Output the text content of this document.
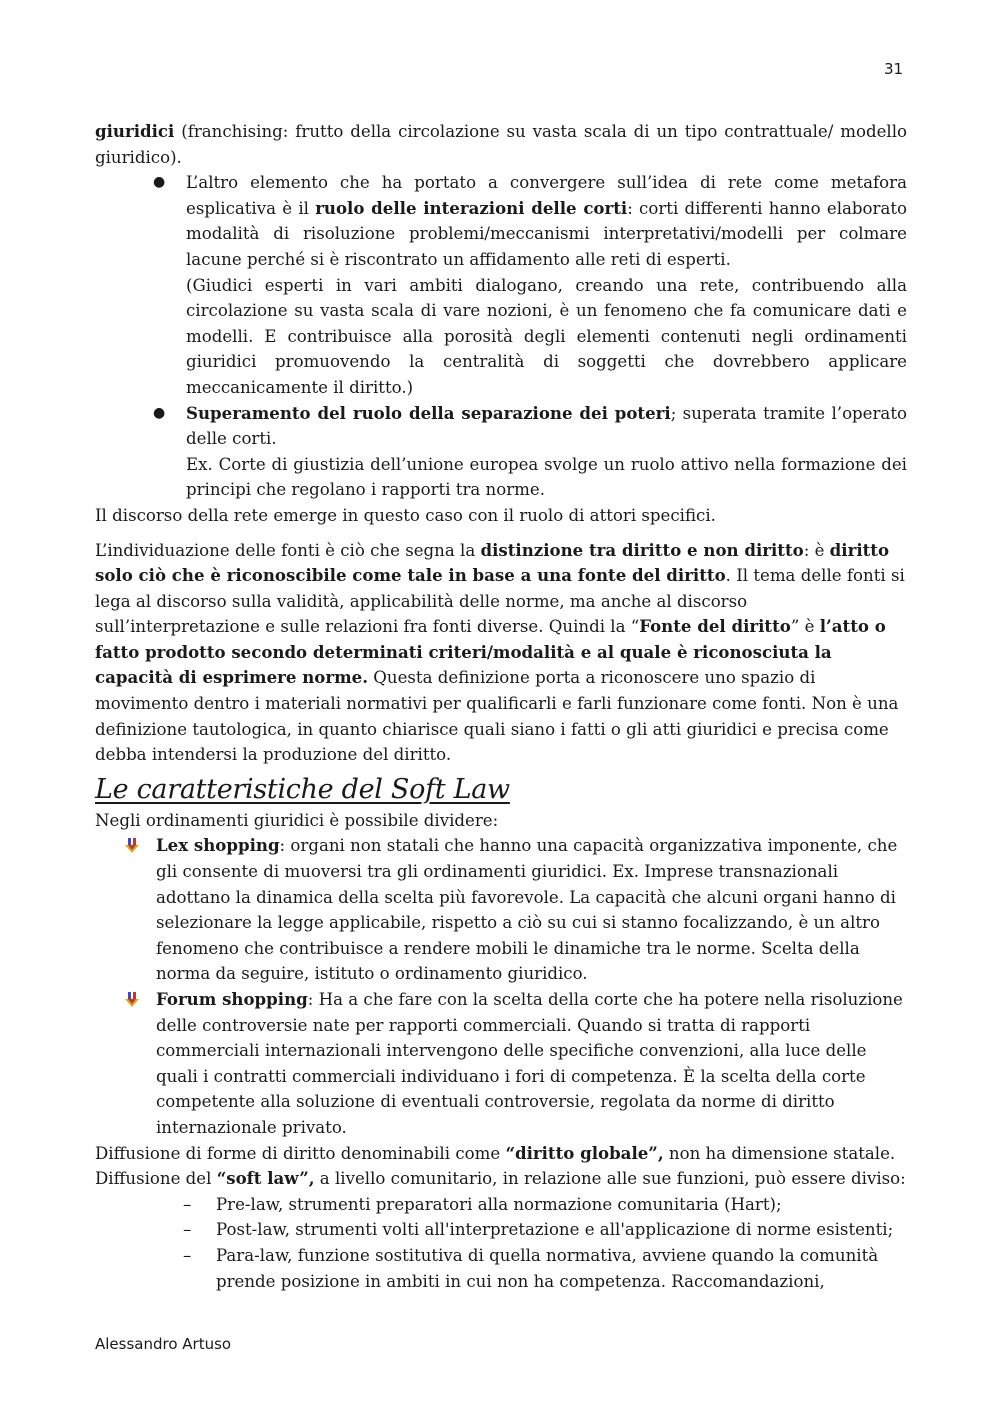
31

giuridici (franchising: frutto della circolazione su vasta scala di un tipo contrattuale/ modello giuridico).

● L’altro elemento che ha portato a convergere sull’idea di rete come metafora esplicativa è il ruolo delle interazioni delle corti: corti differenti hanno elaborato modalità di risoluzione problemi/meccanismi interpretativi/modelli per colmare lacune perché si è riscontrato un affidamento alle reti di esperti.

(Giudici esperti in vari ambiti dialogano, creando una rete, contribuendo alla circolazione su vasta scala di vare nozioni, è un fenomeno che fa comunicare dati e modelli. E contribuisce alla porosità degli elementi contenuti negli ordinamenti giuridici promuovendo la centralità di soggetti che dovrebbero applicare meccanicamente il diritto.)

● Superamento del ruolo della separazione dei poteri; superata tramite l’operato delle corti.

Ex. Corte di giustizia dell’unione europea svolge un ruolo attivo nella formazione dei principi che regolano i rapporti tra norme.

Il discorso della rete emerge in questo caso con il ruolo di attori specifici.

L’individuazione delle fonti è ciò che segna la distinzione tra diritto e non diritto: è diritto solo ciò che è riconoscibile come tale in base a una fonte del diritto. Il tema delle fonti si lega al discorso sulla validità, applicabilità delle norme, ma anche al discorso sull’interpretazione e sulle relazioni fra fonti diverse. Quindi la “Fonte del diritto” è l’atto o fatto prodotto secondo determinati criteri/modalità e al quale è riconosciuta la capacità di esprimere norme. Questa definizione porta a riconoscere uno spazio di movimento dentro i materiali normativi per qualificarli e farli funzionare come fonti. Non è una definizione tautologica, in quanto chiarisce quali siano i fatti o gli atti giuridici e precisa come debba intendersi la produzione del diritto.

Le caratteristiche del Soft Law

Negli ordinamenti giuridici è possibile dividere:

Lex shopping: organi non statali che hanno una capacità organizzativa imponente, che gli consente di muoversi tra gli ordinamenti giuridici. Ex. Imprese transnazionali adottano la dinamica della scelta più favorevole. La capacità che alcuni organi hanno di selezionare la legge applicabile, rispetto a ciò su cui si stanno focalizzando, è un altro fenomeno che contribuisce a rendere mobili le dinamiche tra le norme. Scelta della norma da seguire, istituto o ordinamento giuridico.
Forum shopping: Ha a che fare con la scelta della corte che ha potere nella risoluzione delle controversie nate per rapporti commerciali. Quando si tratta di rapporti commerciali internazionali intervengono delle specifiche convenzioni, alla luce delle quali i contratti commerciali individuano i fori di competenza. È la scelta della corte competente alla soluzione di eventuali controversie, regolata da norme di diritto internazionale privato.

Diffusione di forme di diritto denominabili come “diritto globale”, non ha dimensione statale.

Diffusione del “soft law”, a livello comunitario, in relazione alle sue funzioni, può essere diviso:

– Pre-law, strumenti preparatori alla normazione comunitaria (Hart);
– Post-law, strumenti volti all'interpretazione e all'applicazione di norme esistenti;
– Para-law, funzione sostitutiva di quella normativa, avviene quando la comunità prende posizione in ambiti in cui non ha competenza. Raccomandazioni,
Alessandro Artuso
